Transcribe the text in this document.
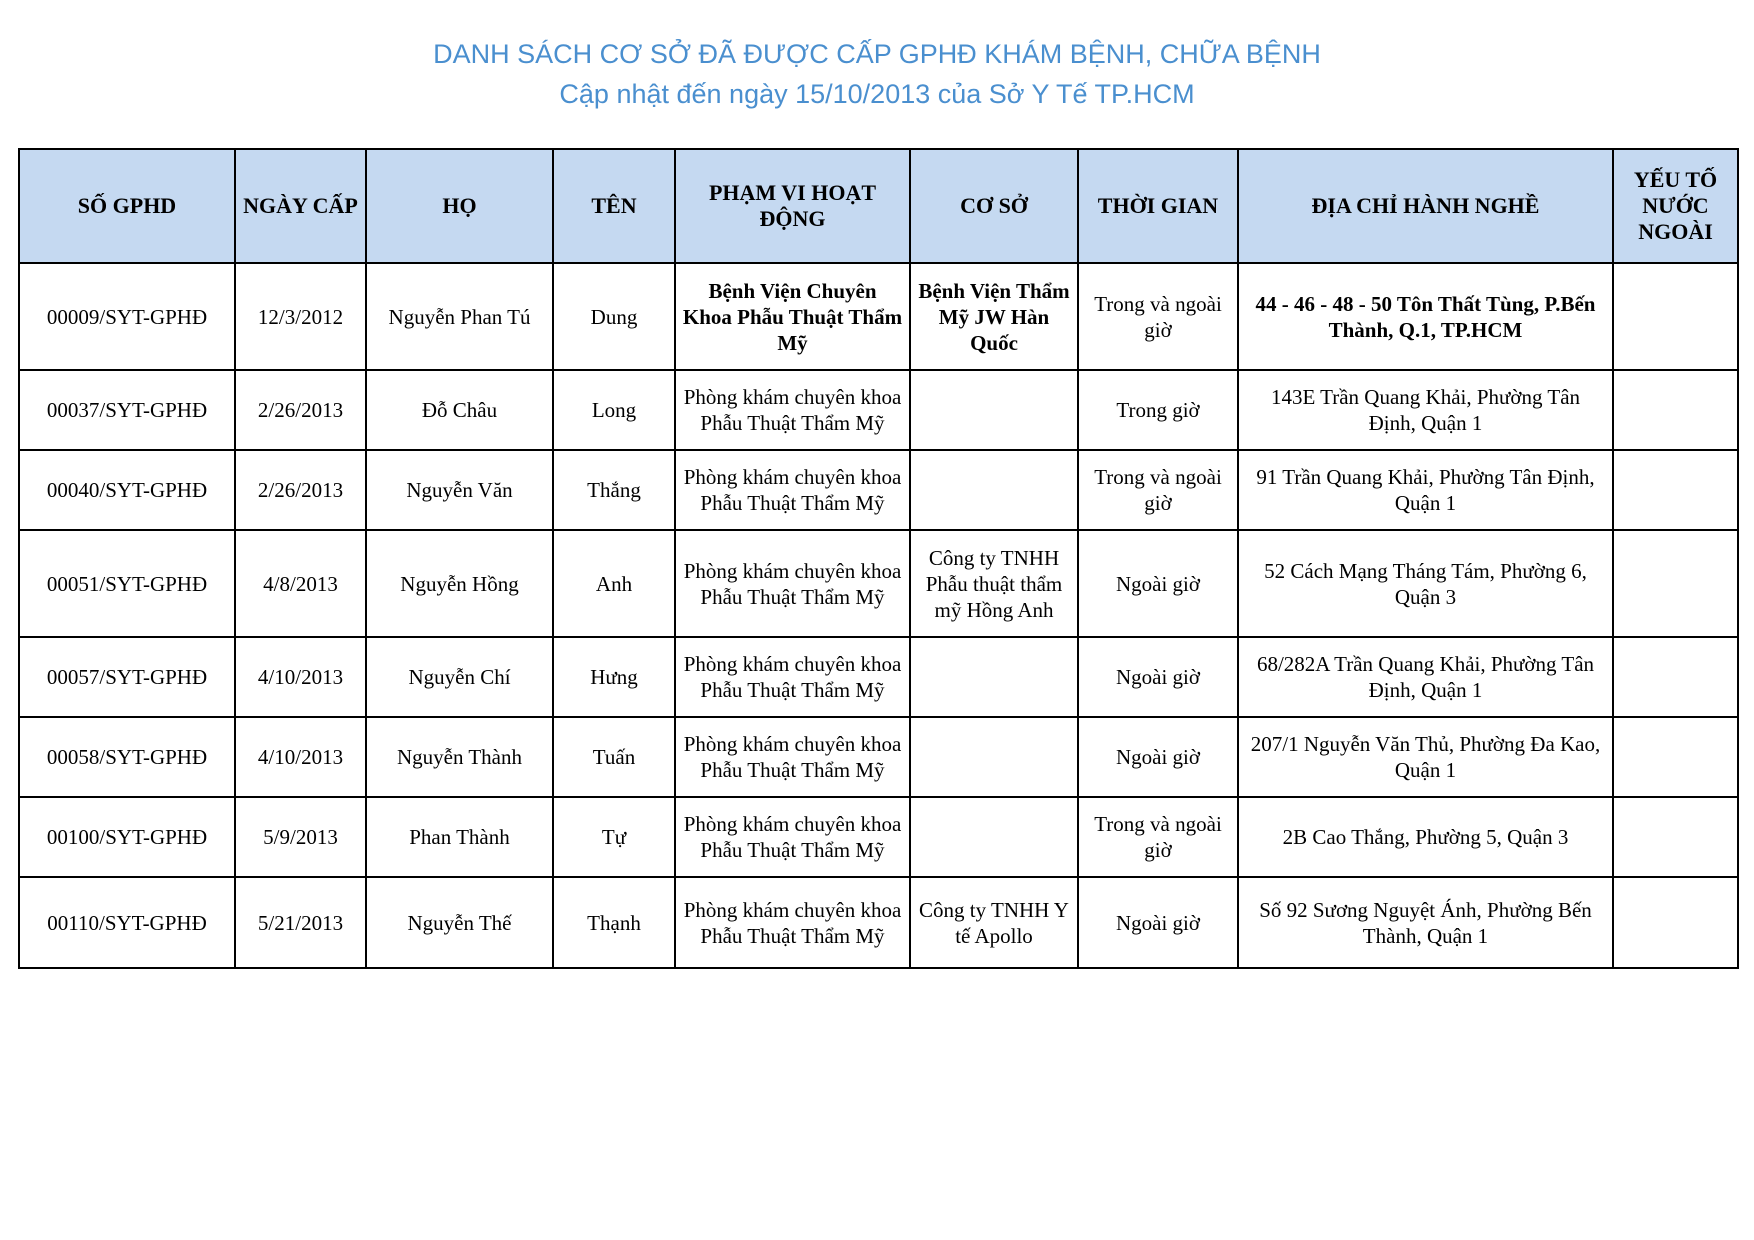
DANH SÁCH CƠ SỞ ĐÃ ĐƯỢC CẤP GPHĐ KHÁM BỆNH, CHỮA BỆNH
Cập nhật đến ngày 15/10/2013 của Sở Y Tế TP.HCM
SỐ GPHD	NGÀY CẤP	HỌ	TÊN	PHẠM VI HOẠT ĐỘNG	CƠ SỞ	THỜI GIAN	ĐỊA CHỈ HÀNH NGHỀ	YẾU TỐ NƯỚC NGOÀI
00009/SYT-GPHĐ	12/3/2012	Nguyễn Phan Tú	Dung	Bệnh Viện Chuyên Khoa Phẫu Thuật Thẩm Mỹ	Bệnh Viện Thẩm Mỹ JW Hàn Quốc	Trong và ngoài giờ	44 - 46 - 48 - 50 Tôn Thất Tùng, P.Bến Thành, Q.1, TP.HCM	
00037/SYT-GPHĐ	2/26/2013	Đỗ Châu	Long	Phòng khám chuyên khoa Phẫu Thuật Thẩm Mỹ		Trong giờ	143E Trần Quang Khải, Phường Tân Định, Quận 1	
00040/SYT-GPHĐ	2/26/2013	Nguyễn Văn	Thắng	Phòng khám chuyên khoa Phẫu Thuật Thẩm Mỹ		Trong và ngoài giờ	91 Trần Quang Khải, Phường Tân Định, Quận 1	
00051/SYT-GPHĐ	4/8/2013	Nguyễn Hồng	Anh	Phòng khám chuyên khoa Phẫu Thuật Thẩm Mỹ	Công ty TNHH Phẫu thuật thẩm mỹ Hồng Anh	Ngoài giờ	52 Cách Mạng Tháng Tám, Phường 6, Quận 3	
00057/SYT-GPHĐ	4/10/2013	Nguyễn Chí	Hưng	Phòng khám chuyên khoa Phẫu Thuật Thẩm Mỹ		Ngoài giờ	68/282A Trần Quang Khải, Phường Tân Định, Quận 1	
00058/SYT-GPHĐ	4/10/2013	Nguyễn Thành	Tuấn	Phòng khám chuyên khoa Phẫu Thuật Thẩm Mỹ		Ngoài giờ	207/1 Nguyễn Văn Thủ, Phường Đa Kao, Quận 1	
00100/SYT-GPHĐ	5/9/2013	Phan Thành	Tự	Phòng khám chuyên khoa Phẫu Thuật Thẩm Mỹ		Trong và ngoài giờ	2B Cao Thắng, Phường 5, Quận 3	
00110/SYT-GPHĐ	5/21/2013	Nguyễn Thế	Thạnh	Phòng khám chuyên khoa Phẫu Thuật Thẩm Mỹ	Công ty TNHH Y tế Apollo	Ngoài giờ	Số 92 Sương Nguyệt Ánh, Phường Bến Thành, Quận 1	
